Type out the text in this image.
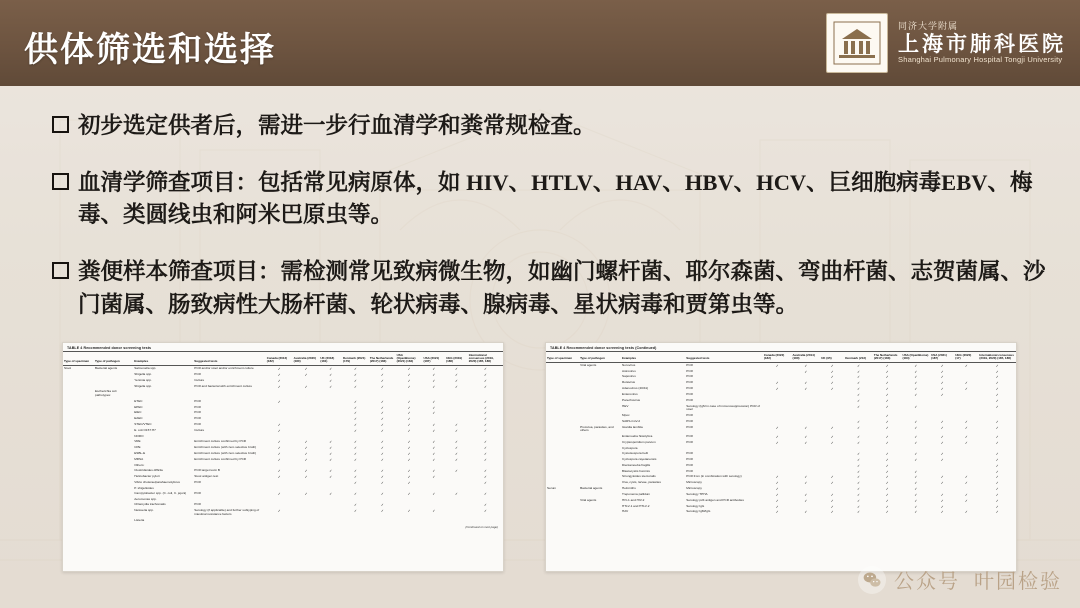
供体筛选和选择
同济大学附属
上海市肺科医院
Shanghai Pulmonary Hospital Tongji University
初步选定供者后，需进一步行血清学和粪常规检查。
血清学筛查项目：包括常见病原体，如 HIV、HTLV、HAV、HBV、HCV、巨细胞病毒EBV、梅毒、类圆线虫和阿米巴原虫等。
粪便样本筛查项目：需检测常见致病微生物，如幽门螺杆菌、耶尔森菌、弯曲杆菌、志贺菌属、沙门菌属、肠致病性大肠杆菌、轮状病毒、腺病毒、星状病毒和贾第虫等。
TABLE 4 Recommended donor screening tests
Type of specimen	Type of pathogen	Examples	Suggested tests	Canada (2012) (182)	Australia (2020) (180)	UK (2018) (181)	Denmark (2021) (179)	The Netherlands (2017) (183)	USA (OpenBiome) (2021) (184)	USA (2021) (187)	UEG (2019) (186)	International consensus (2019, 2020) (185, 188)
Stool	Bacterial agents	Salmonella spp.	PCR and/or stool and/or enrichment culture	✓	✓	✓	✓	✓	✓	✓	✓	✓
		Shigella spp.	PCR	✓	✓	✓	✓	✓	✓	✓	✓	✓
		Yersinia spp.	Culture	✓		✓	✓	✓	✓	✓	✓	✓
		Shigella spp.	PCR and bacterial with enrichment culture	✓	✓	✓	✓	✓	✓	✓	✓	✓
	Escherichia coli pathotypes:											
		ETEC	PCR	✓			✓	✓	✓	✓		✓
		EPEC	PCR				✓	✓	✓	✓		✓
		EIEC	PCR				✓	✓	✓	✓		✓
		EAEC	PCR				✓	✓	✓			✓
		STEC/VTEC	PCR	✓			✓	✓	✓	✓	✓	✓
		E. coli O157:H7	Culture	✓			✓	✓	✓	✓	✓	✓
		NORO										
		VRE	Enrichment culture confirmed by PCR	✓	✓	✓	✓	✓	✓	✓	✓	✓
		CPE	Enrichment culture (with zero selective broth)	✓	✓	✓	✓	✓	✓	✓	✓	✓
		ESBL-E	Enrichment culture (with zero selective broth)	✓	✓	✓	✓	✓	✓	✓	✓	✓
		MRSA	Enrichment culture confirmed by PCR	✓	✓	✓	✓	✓	✓	✓	✓	✓
		Others:										
		Clostridioides difficile	PCR target toxin B	✓	✓	✓	✓	✓	✓	✓	✓	✓
		Helicobacter pylori	Stool antigen test	✓	✓	✓	✓	✓	✓	✓		✓
		Vibrio cholerae/parahaemolyticus	PCR				✓	✓	✓			✓
		P. shigelloides										
		Campylobacter spp. (C. coli, C. jejuni)	PCR	✓	✓	✓	✓	✓	✓	✓	✓	✓
		Aeromonas spp.										
		Chlamydia trachomatis	PCR				✓	✓				✓
		Neisseria spp.	Serology (if applicable) and further subtyping of intestinal resistance factors	✓			✓	✓	✓	✓		✓
		Listeria										
(Continued on next page)
TABLE 4 Recommended donor screening tests (Continued)
Type of specimen	Type of pathogen	Examples	Suggested tests	Canada (2022) (182)	Australia (2014) (180)	UK (95)	Denmark (213)	The Netherlands (2017) (183)	USA (OpenBiome) (184)	USA (2021) (187)	UEG (2020) (17)	International consensus (2019, 2020) (185, 188)
	Viral agents	Norovirus	PCR	✓	✓	✓	✓	✓	✓	✓	✓	✓
		Astrovirus	PCR		✓	✓	✓	✓	✓	✓		✓
		Sapovirus	PCR			✓	✓	✓	✓	✓		✓
		Rotavirus	PCR	✓	✓	✓	✓	✓	✓	✓	✓	✓
		Adenovirus (40/41)	PCR	✓	✓	✓	✓	✓	✓	✓	✓	✓
		Enterovirus	PCR				✓	✓	✓	✓		✓
		Parechovirus	PCR				✓	✓				✓
		HEV	Serology (IgM in case of immunosuppression) PCR of stool				✓	✓	✓			✓
		Mpox	PCR					✓				
		SARS-CoV-2	PCR				✓	✓	✓	✓	✓	✓
	Protozoa, parasites, and others	Giardia lamblia	PCR	✓	✓	✓	✓	✓	✓	✓	✓	✓
		Entamoeba histolytica	PCR	✓	✓	✓	✓	✓	✓	✓	✓	✓
		Cryptosporidium parvum	PCR	✓	✓	✓	✓	✓	✓	✓	✓	✓
		Cyclospora										
		Cystoisospora belli	PCR				✓	✓	✓	✓		✓
		Cyclospora cayetanensis	PCR				✓	✓	✓	✓		✓
		Dientamoeba fragilis	PCR				✓	✓				✓
		Blastocystis hominis	PCR				✓	✓	✓			✓
		Strongyloides stercoralis	PCR from (in combination with serology)	✓	✓	✓	✓	✓	✓	✓	✓	✓
		Ova, cysts, larvae, parasites	Microscopy	✓	✓	✓	✓	✓	✓	✓	✓	✓
Serum	Bacterial agents	Helminths	Microscopy	✓			✓	✓	✓			✓
		Treponema pallidum	Serology TPHA	✓	✓	✓	✓	✓	✓	✓	✓	✓
	Viral agents	HIV-1 and HIV-2	Serology p24 antigen and PCR antibodies	✓	✓	✓	✓	✓	✓	✓	✓	✓
		HTLV-1 and HTLV-2	Serology IgG	✓		✓	✓	✓	✓	✓		✓
		HAV	Serology IgM/IgG	✓	✓	✓	✓	✓	✓	✓	✓	✓
公众号 叶园检验
